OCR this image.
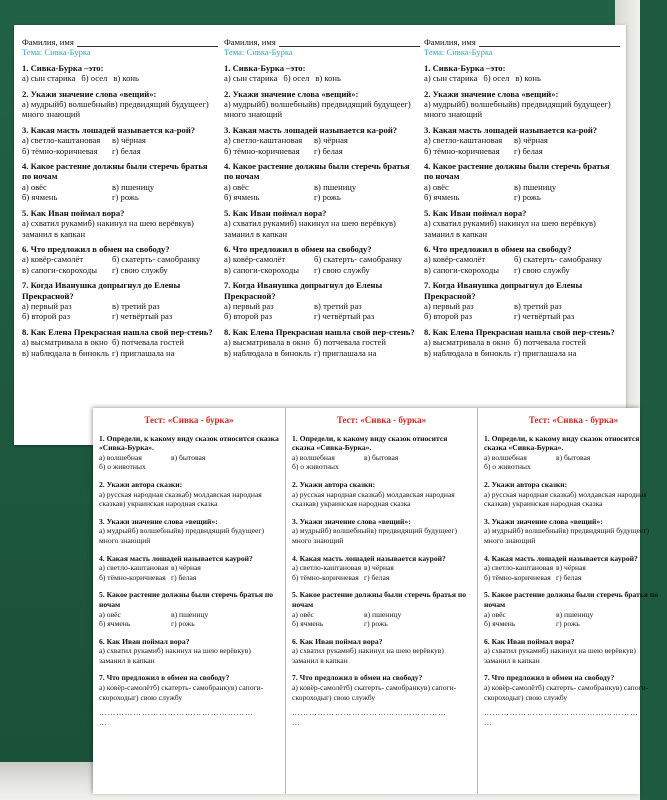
Фамилия, имя
Тема: Сивка-Бурка
1. Сивка-Бурка –это:
а) сын старика б) осел в) конь
2. Укажи значение слова «вещий»:
а) мудрыйб) волшебныйв) предвидящий будущеег) много знающий
3. Какая масть лошадей называется ка-рой?
а) светло-каштановая	в) чёрная
б) тёмно-коричневая	г) белая
4. Какое растение должны были стеречь братья по ночам
а) овёс	в) пшеницу
б) ячмень	г) рожь
5. Как Иван поймал вора?
а) схватил рукамиб) накинул на шею верёвкув) заманил в капкан
6. Что предложил в обмен на свободу?
а) ковёр-самолёт	б) скатерть- самобранку
в) сапоги-скороходы	г) свою службу
7. Когда Иванушка допрыгнул до Елены Прекрасной?
а) первый раз	в) третий раз
б) второй раз	г) четвёртый раз
8. Как Елена Прекрасная нашла свой пер-стень?
а) высматривала в окно б) потчевала гостей
в) наблюдала в бинокль г) приглашала на
Фамилия, имя
Тема: Сивка-Бурка
1. Сивка-Бурка –это:
а) сын старика б) осел в) конь
2. Укажи значение слова «вещий»:
а) мудрыйб) волшебныйв) предвидящий будущеег) много знающий
3. Какая масть лошадей называется ка-рой?
а) светло-каштановая	в) чёрная
б) тёмно-коричневая	г) белая
4. Какое растение должны были стеречь братья по ночам
а) овёс	в) пшеницу
б) ячмень	г) рожь
5. Как Иван поймал вора?
а) схватил рукамиб) накинул на шею верёвкув) заманил в капкан
6. Что предложил в обмен на свободу?
а) ковёр-самолёт	б) скатерть- самобранку
в) сапоги-скороходы	г) свою службу
7. Когда Иванушка допрыгнул до Елены Прекрасной?
а) первый раз	в) третий раз
б) второй раз	г) четвёртый раз
8. Как Елена Прекрасная нашла свой пер-стень?
а) высматривала в окно б) потчевала гостей
в) наблюдала в бинокль г) приглашала на
Фамилия, имя
Тема: Сивка-Бурка
1. Сивка-Бурка –это:
а) сын старика б) осел в) конь
2. Укажи значение слова «вещий»:
а) мудрыйб) волшебныйв) предвидящий будущеег) много знающий
3. Какая масть лошадей называется ка-рой?
а) светло-каштановая	в) чёрная
б) тёмно-коричневая	г) белая
4. Какое растение должны были стеречь братья по ночам
а) овёс	в) пшеницу
б) ячмень	г) рожь
5. Как Иван поймал вора?
а) схватил рукамиб) накинул на шею верёвкув) заманил в капкан
6. Что предложил в обмен на свободу?
а) ковёр-самолёт	б) скатерть- самобранку
в) сапоги-скороходы	г) свою службу
7. Когда Иванушка допрыгнул до Елены Прекрасной?
а) первый раз	в) третий раз
б) второй раз	г) четвёртый раз
8. Как Елена Прекрасная нашла свой пер-стень?
а) высматривала в окно б) потчевала гостей
в) наблюдала в бинокль г) приглашала на
Тест: «Сивка - бурка»
1. Определи, к какому виду сказок относится сказка «Сивка-Бурка».
а) волшебная	в) бытовая
б) о животных
2. Укажи автора сказки:
а) русская народная сказкаб) молдавская народная сказкав) украинская народная сказка
3. Укажи значение слова «вещий»:
а) мудрыйб) волшебныйв) предвидящий будущеег) много знающий
4. Какая масть лошадей называется каурой?
а) светло-каштановая в) чёрная
б) тёмно-коричневая г) белая
5. Какое растение должны были стеречь братья по ночам
а) овёс	в) пшеницу
б) ячмень	г) рожь
6. Как Иван поймал вора?
а) схватил рукамиб) накинул на шею верёвкув) заманил в капкан
7. Что предложил в обмен на свободу?
а) ковёр-самолётб) скатерть- самобранкув) сапоги-скороходыг) свою службу
………………………………………………
…
Тест: «Сивка - бурка»
1. Определи, к какому виду сказок относится сказка «Сивка-Бурка».
а) волшебная	в) бытовая
б) о животных
2. Укажи автора сказки:
а) русская народная сказкаб) молдавская народная сказкав) украинская народная сказка
3. Укажи значение слова «вещий»:
а) мудрыйб) волшебныйв) предвидящий будущеег) много знающий
4. Какая масть лошадей называется каурой?
а) светло-каштановая в) чёрная
б) тёмно-коричневая г) белая
5. Какое растение должны были стеречь братья по ночам
а) овёс	в) пшеницу
б) ячмень	г) рожь
6. Как Иван поймал вора?
а) схватил рукамиб) накинул на шею верёвкув) заманил в капкан
7. Что предложил в обмен на свободу?
а) ковёр-самолётб) скатерть- самобранкув) сапоги-скороходыг) свою службу
………………………………………………
…
Тест: «Сивка - бурка»
1. Определи, к какому виду сказок относится сказка «Сивка-Бурка».
а) волшебная	в) бытовая
б) о животных
2. Укажи автора сказки:
а) русская народная сказкаб) молдавская народная сказкав) украинская народная сказка
3. Укажи значение слова «вещий»:
а) мудрыйб) волшебныйв) предвидящий будущеег) много знающий
4. Какая масть лошадей называется каурой?
а) светло-каштановая в) чёрная
б) тёмно-коричневая г) белая
5. Какое растение должны были стеречь братья по ночам
а) овёс	в) пшеницу
б) ячмень	г) рожь
6. Как Иван поймал вора?
а) схватил рукамиб) накинул на шею верёвкув) заманил в капкан
7. Что предложил в обмен на свободу?
а) ковёр-самолётб) скатерть- самобранкув) сапоги-скороходыг) свою службу
………………………………………………
…
